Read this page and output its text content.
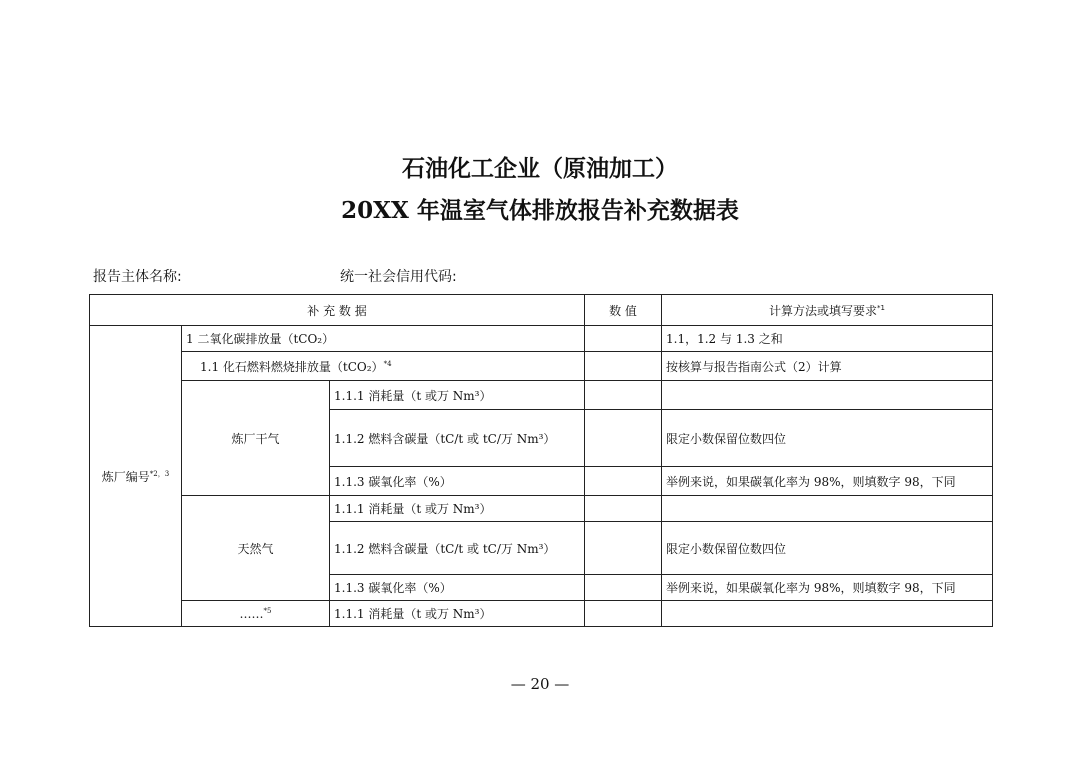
石油化工企业（原油加工）
20XX 年温室气体排放报告补充数据表
报告主体名称:	统一社会信用代码:
补 充 数 据			数 值	计算方法或填写要求$^{*1}$
炼厂编号$^{*2,3}$	1 二氧化碳排放量（tCO₂）			1.1，1.2 与 1.3 之和
	1.1 化石燃料燃烧排放量$(tCO_2)^{*4}$			按核算与报告指南公式（2）计算
	炼厂干气	1.1.1 消耗量（t 或万 Nm³）		
		1.1.2 燃料含碳量（tC/t 或 tC/万 Nm³）		限定小数保留位数四位
		1.1.3 碳氧化率（%）		举例来说，如果碳氧化率为 98%，则填数字 98，下同
	天然气	1.1.1 消耗量（t 或万 Nm³）		
		1.1.2 燃料含碳量（tC/t 或 tC/万 Nm³）		限定小数保留位数四位
		1.1.3 碳氧化率（%）		举例来说，如果碳氧化率为 98%，则填数字 98，下同
	……$^{*5}$	1.1.1 消耗量（t 或万 Nm³）		
— 20 —
